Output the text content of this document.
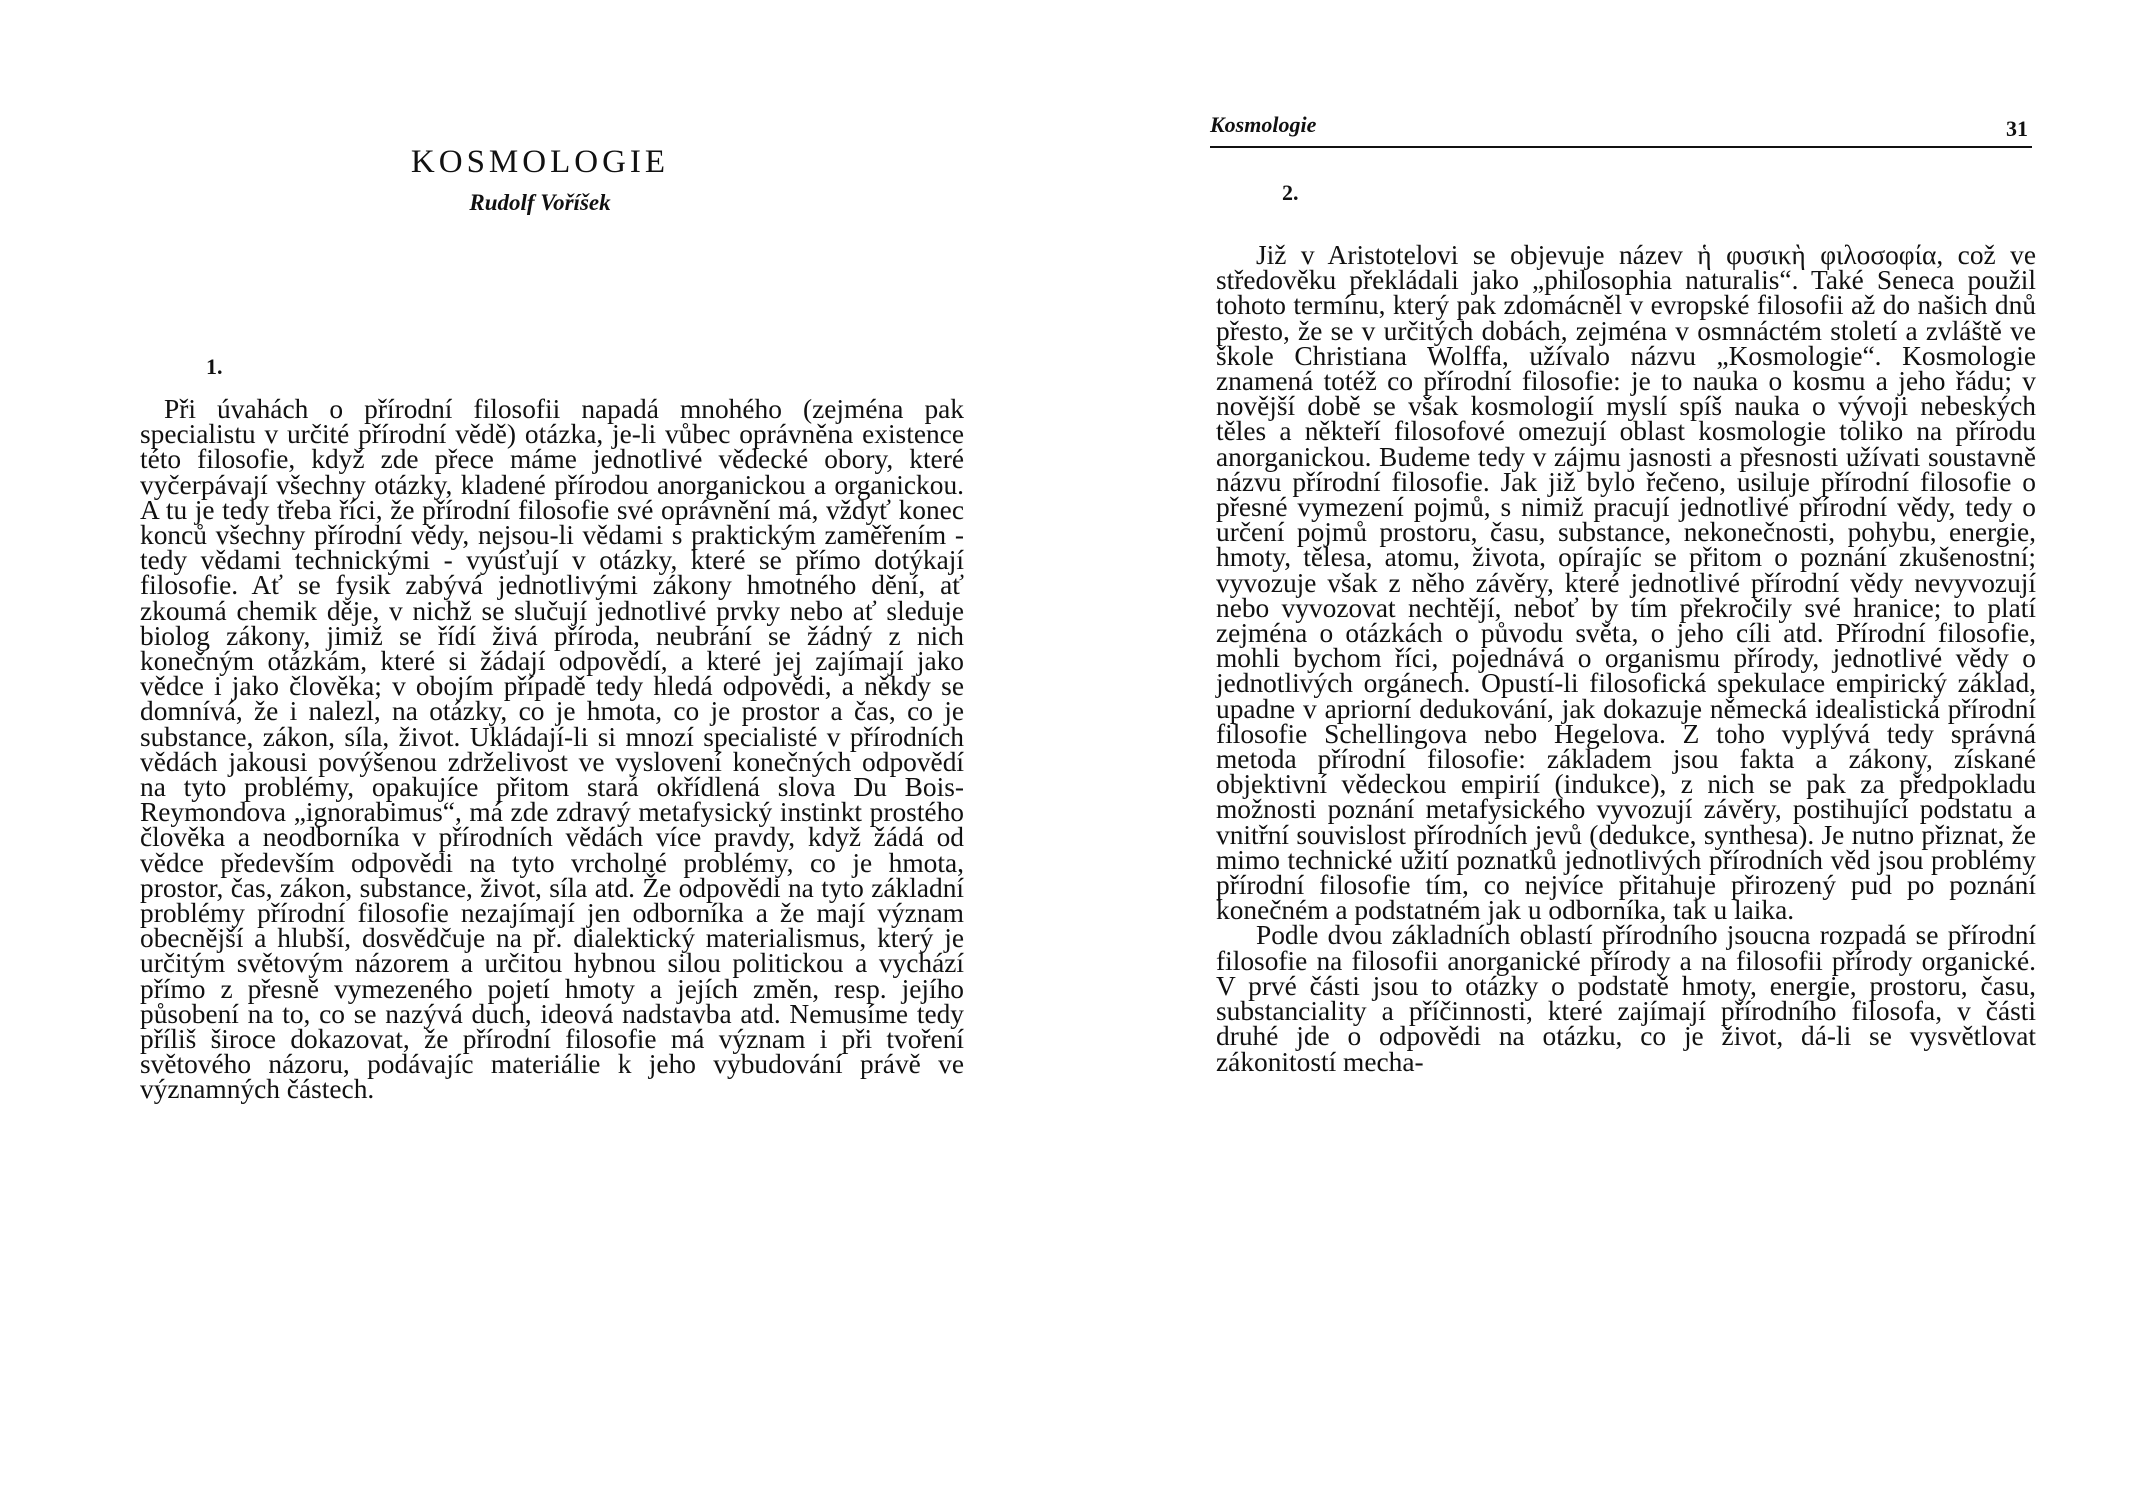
KOSMOLOGIE
Rudolf Voříšek
1.

Při úvahách o přírodní filosofii napadá mnohého (zejména pak specialistu v určité přírodní vědě) otázka, je-li vůbec oprávněna existence této filosofie, když zde přece máme jednotlivé vědecké obory, které vyčerpávají všechny otázky, kladené přírodou anorganickou a organickou. A tu je tedy třeba říci, že přírodní filosofie své oprávnění má, vždyť konec konců všechny přírodní vědy, nejsou-li vědami s praktickým zaměřením - tedy vědami technickými - vyúsťují v otázky, které se přímo dotýkají filosofie. Ať se fysik zabývá jednotlivými zákony hmotného dění, ať zkoumá chemik děje, v nichž se slučují jednotlivé prvky nebo ať sleduje biolog zákony, jimiž se řídí živá příroda, neubrání se žádný z nich konečným otázkám, které si žádají odpovědí, a které jej zajímají jako vědce i jako člověka; v obojím případě tedy hledá odpovědi, a někdy se domnívá, že i nalezl, na otázky, co je hmota, co je prostor a čas, co je substance, zákon, síla, život. Ukládají-li si mnozí specialisté v přírodních vědách jakousi povýšenou zdrželivost ve vyslovení konečných odpovědí na tyto problémy, opakujíce přitom stará okřídlená slova Du Bois-Reymondova „ignorabimus“, má zde zdravý metafysický instinkt prostého člověka a neodborníka v přírodních vědách více pravdy, když žádá od vědce především odpovědi na tyto vrcholné problémy, co je hmota, prostor, čas, zákon, substance, život, síla atd. Že odpovědi na tyto základní problémy přírodní filosofie nezajímají jen odborníka a že mají význam obecnější a hlubší, dosvědčuje na př. dialektický materialismus, který je určitým světovým názorem a určitou hybnou silou politickou a vychází přímo z přesně vymezeného pojetí hmoty a jejích změn, resp. jejího působení na to, co se nazývá duch, ideová nadstavba atd. Nemusíme tedy příliš široce dokazovat, že přírodní filosofie má význam i při tvoření světového názoru, podávajíc materiálie k jeho vybudování právě ve významných částech.

Kosmologie	31
2.

Již v Aristotelovi se objevuje název ἡ φυσικὴ φιλοσοφία, což ve středověku překládali jako „philosophia naturalis“. Také Seneca použil tohoto termínu, který pak zdomácněl v evropské filosofii až do našich dnů přesto, že se v určitých dobách, zejména v osmnáctém století a zvláště ve škole Christiana Wolffa, užívalo názvu „Kosmologie“. Kosmologie znamená totéž co přírodní filosofie: je to nauka o kosmu a jeho řádu; v novější době se však kosmologií myslí spíš nauka o vývoji nebeských těles a někteří filosofové omezují oblast kosmologie toliko na přírodu anorganickou. Budeme tedy v zájmu jasnosti a přesnosti užívati soustavně názvu přírodní filosofie. Jak již bylo řečeno, usiluje přírodní filosofie o přesné vymezení pojmů, s nimiž pracují jednotlivé přírodní vědy, tedy o určení pojmů prostoru, času, substance, nekonečnosti, pohybu, energie, hmoty, tělesa, atomu, života, opírajíc se přitom o poznání zkušenostní; vyvozuje však z něho závěry, které jednotlivé přírodní vědy nevyvozují nebo vyvozovat nechtějí, neboť by tím překročily své hranice; to platí zejména o otázkách o původu světa, o jeho cíli atd. Přírodní filosofie, mohli bychom říci, pojednává o organismu přírody, jednotlivé vědy o jednotlivých orgánech. Opustí-li filosofická spekulace empirický základ, upadne v apriorní dedukování, jak dokazuje německá idealistická přírodní filosofie Schellingova nebo Hegelova. Z toho vyplývá tedy správná metoda přírodní filosofie: základem jsou fakta a zákony, získané objektivní vědeckou empirií (indukce), z nich se pak za předpokladu možnosti poznání metafysického vyvozují závěry, postihující podstatu a vnitřní souvislost přírodních jevů (dedukce, synthesa). Je nutno přiznat, že mimo technické užití poznatků jednotlivých přírodních věd jsou problémy přírodní filosofie tím, co nejvíce přitahuje přirozený pud po poznání konečném a podstatném jak u odborníka, tak u laika.

Podle dvou základních oblastí přírodního jsoucna rozpadá se přírodní filosofie na filosofii anorganické přírody a na filosofii přírody organické. V prvé části jsou to otázky o podstatě hmoty, energie, prostoru, času, substanciality a příčinnosti, které zajímají přírodního filosofa, v části druhé jde o odpovědi na otázku, co je život, dá-li se vysvětlovat zákonitostí mecha-
